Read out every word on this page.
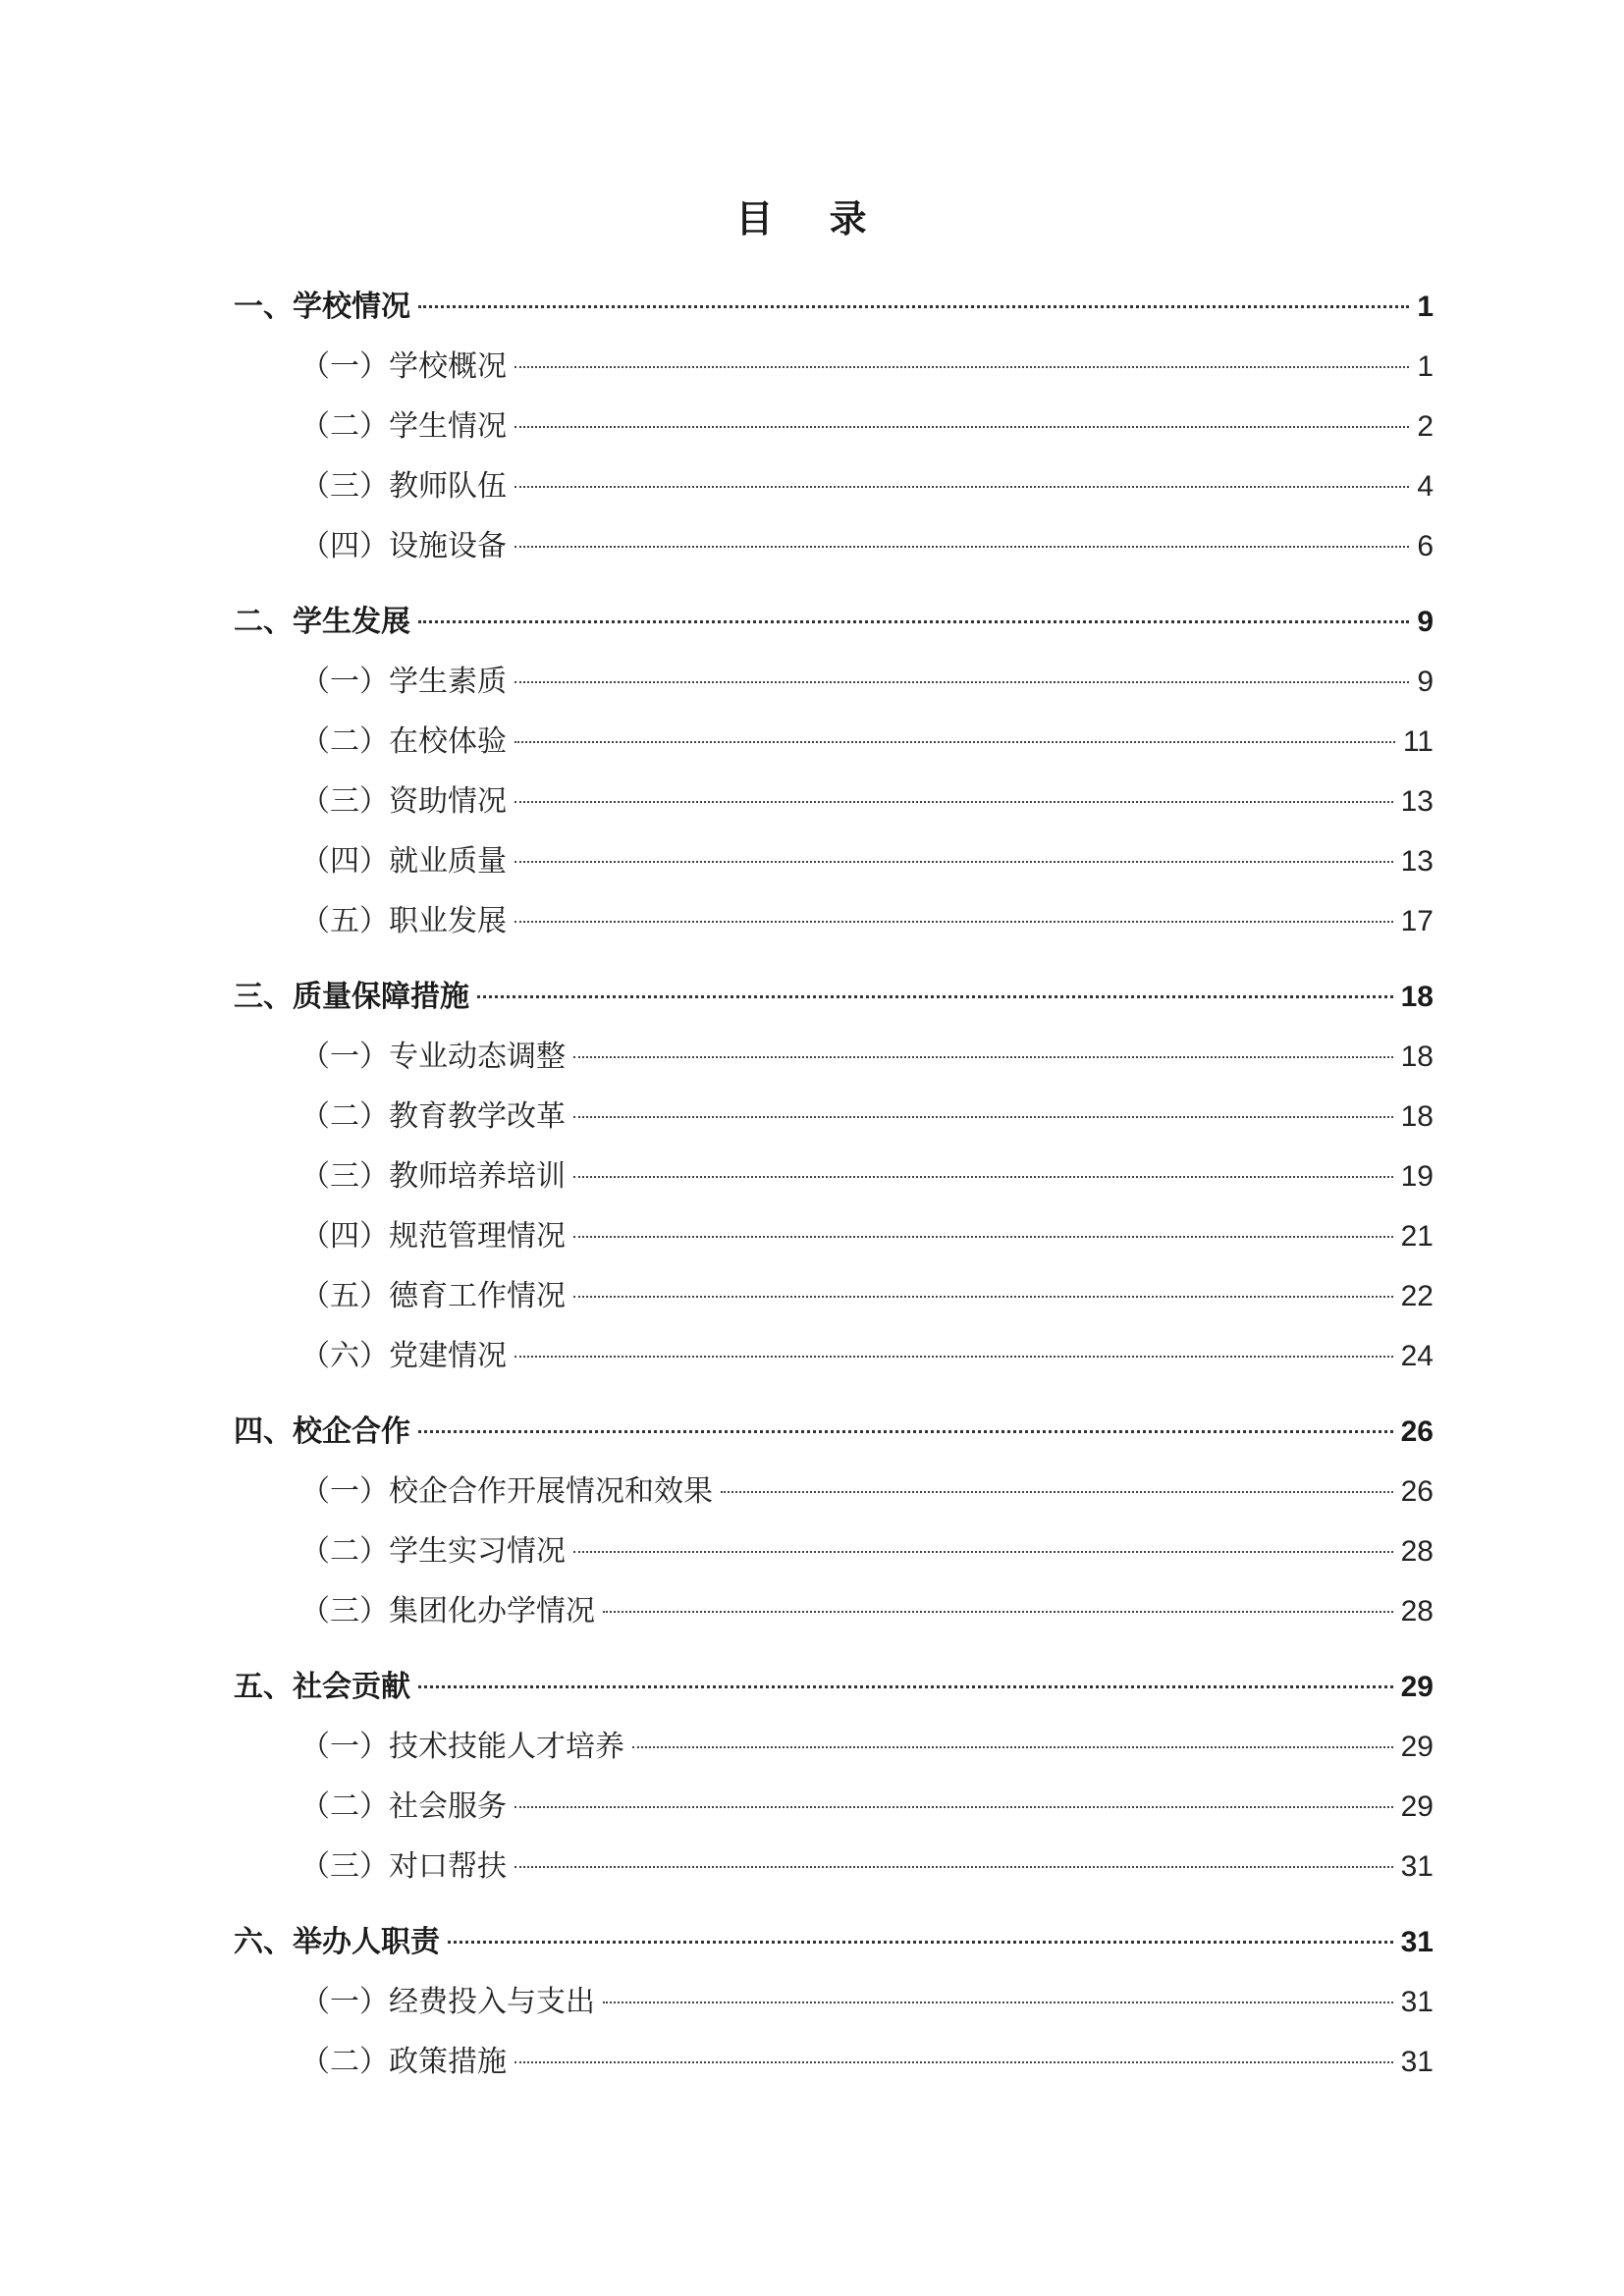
目 录
一、学校情况	1
（一）学校概况	1
（二）学生情况	2
（三）教师队伍	4
（四）设施设备	6
二、学生发展	9
（一）学生素质	9
（二）在校体验	11
（三）资助情况	13
（四）就业质量	13
（五）职业发展	17
三、质量保障措施	18
（一）专业动态调整	18
（二）教育教学改革	18
（三）教师培养培训	19
（四）规范管理情况	21
（五）德育工作情况	22
（六）党建情况	24
四、校企合作	26
（一）校企合作开展情况和效果	26
（二）学生实习情况	28
（三）集团化办学情况	28
五、社会贡献	29
（一）技术技能人才培养	29
（二）社会服务	29
（三）对口帮扶	31
六、举办人职责	31
（一）经费投入与支出	31
（二）政策措施	31
